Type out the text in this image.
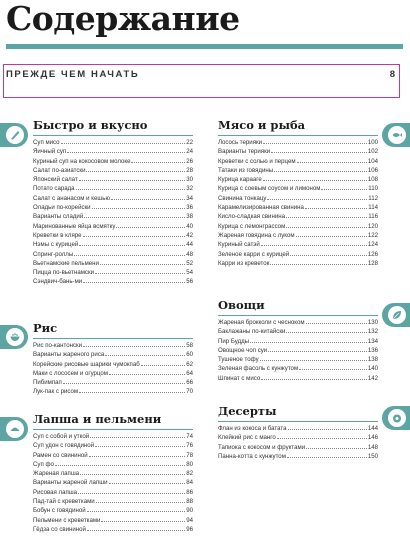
Содержание
ПРЕЖДЕ ЧЕМ НАЧАТЬ	8
Быстро и вкусно
Суп мисо	22
Яичный суп	24
Куриный суп на кокосовом молоке	26
Салат по-азиатски	28
Японский салат	30
Потато сарада	32
Салат с ананасом и кешью	34
Оладьи по-корейски	36
Варианты сладий	38
Маринованные яйца всмятку	40
Креветки в кляре	42
Нэмы с курицей	44
Спринг-роллы	48
Вьетнамские пельмени	52
Пицца по-вьетнамски	54
Сэндвич-бань-ми	56
Рис
Рис по-кантонски	58
Варианты жареного риса	60
Корейские рисовые шарики чумокпаб	62
Маки с лососем и огурцом	64
Пибимпап	66
Лук-пак с рисом	70
Лапша и пельмени
Суп с собой и уткой	74
Суп удон с говядиной	76
Рамен со свининой	78
Суп фо	80
Жареная лапша	82
Варианты жареной лапши	84
Рисовая лапша	86
Пад-тай с креветками	88
Бобун с говядиной	90
Пельмени с креветками	94
Гёдза со свининой	96
Мясо и рыба
Лосось терияки	100
Варианты терияки	102
Креветки с солью и перцем	104
Татаки из говядины	106
Курица карааге	108
Курица с соевым соусом и лимоном	110
Свинина тонкацу	112
Карамелизированная свинина	114
Кисло-сладкая свинина	116
Курица с лемонграссом	120
Жареная говядина с луком	122
Куриный сатэй	124
Зеленое карри с курицей	126
Карри из креветок	128
Овощи
Жареная брокколи с чесноком	130
Баклажаны по-китайски	132
Пир Будды	134
Овощное чоп суи	136
Тушеное тофу	138
Зеленая фасоль с кунжутом	140
Шпинат с мисо	142
Десерты
Флан из кокоса и батата	144
Клейкий рис с манго	146
Тапиока с кокосом и фруктами	148
Панна-котта с кунжутом	150
